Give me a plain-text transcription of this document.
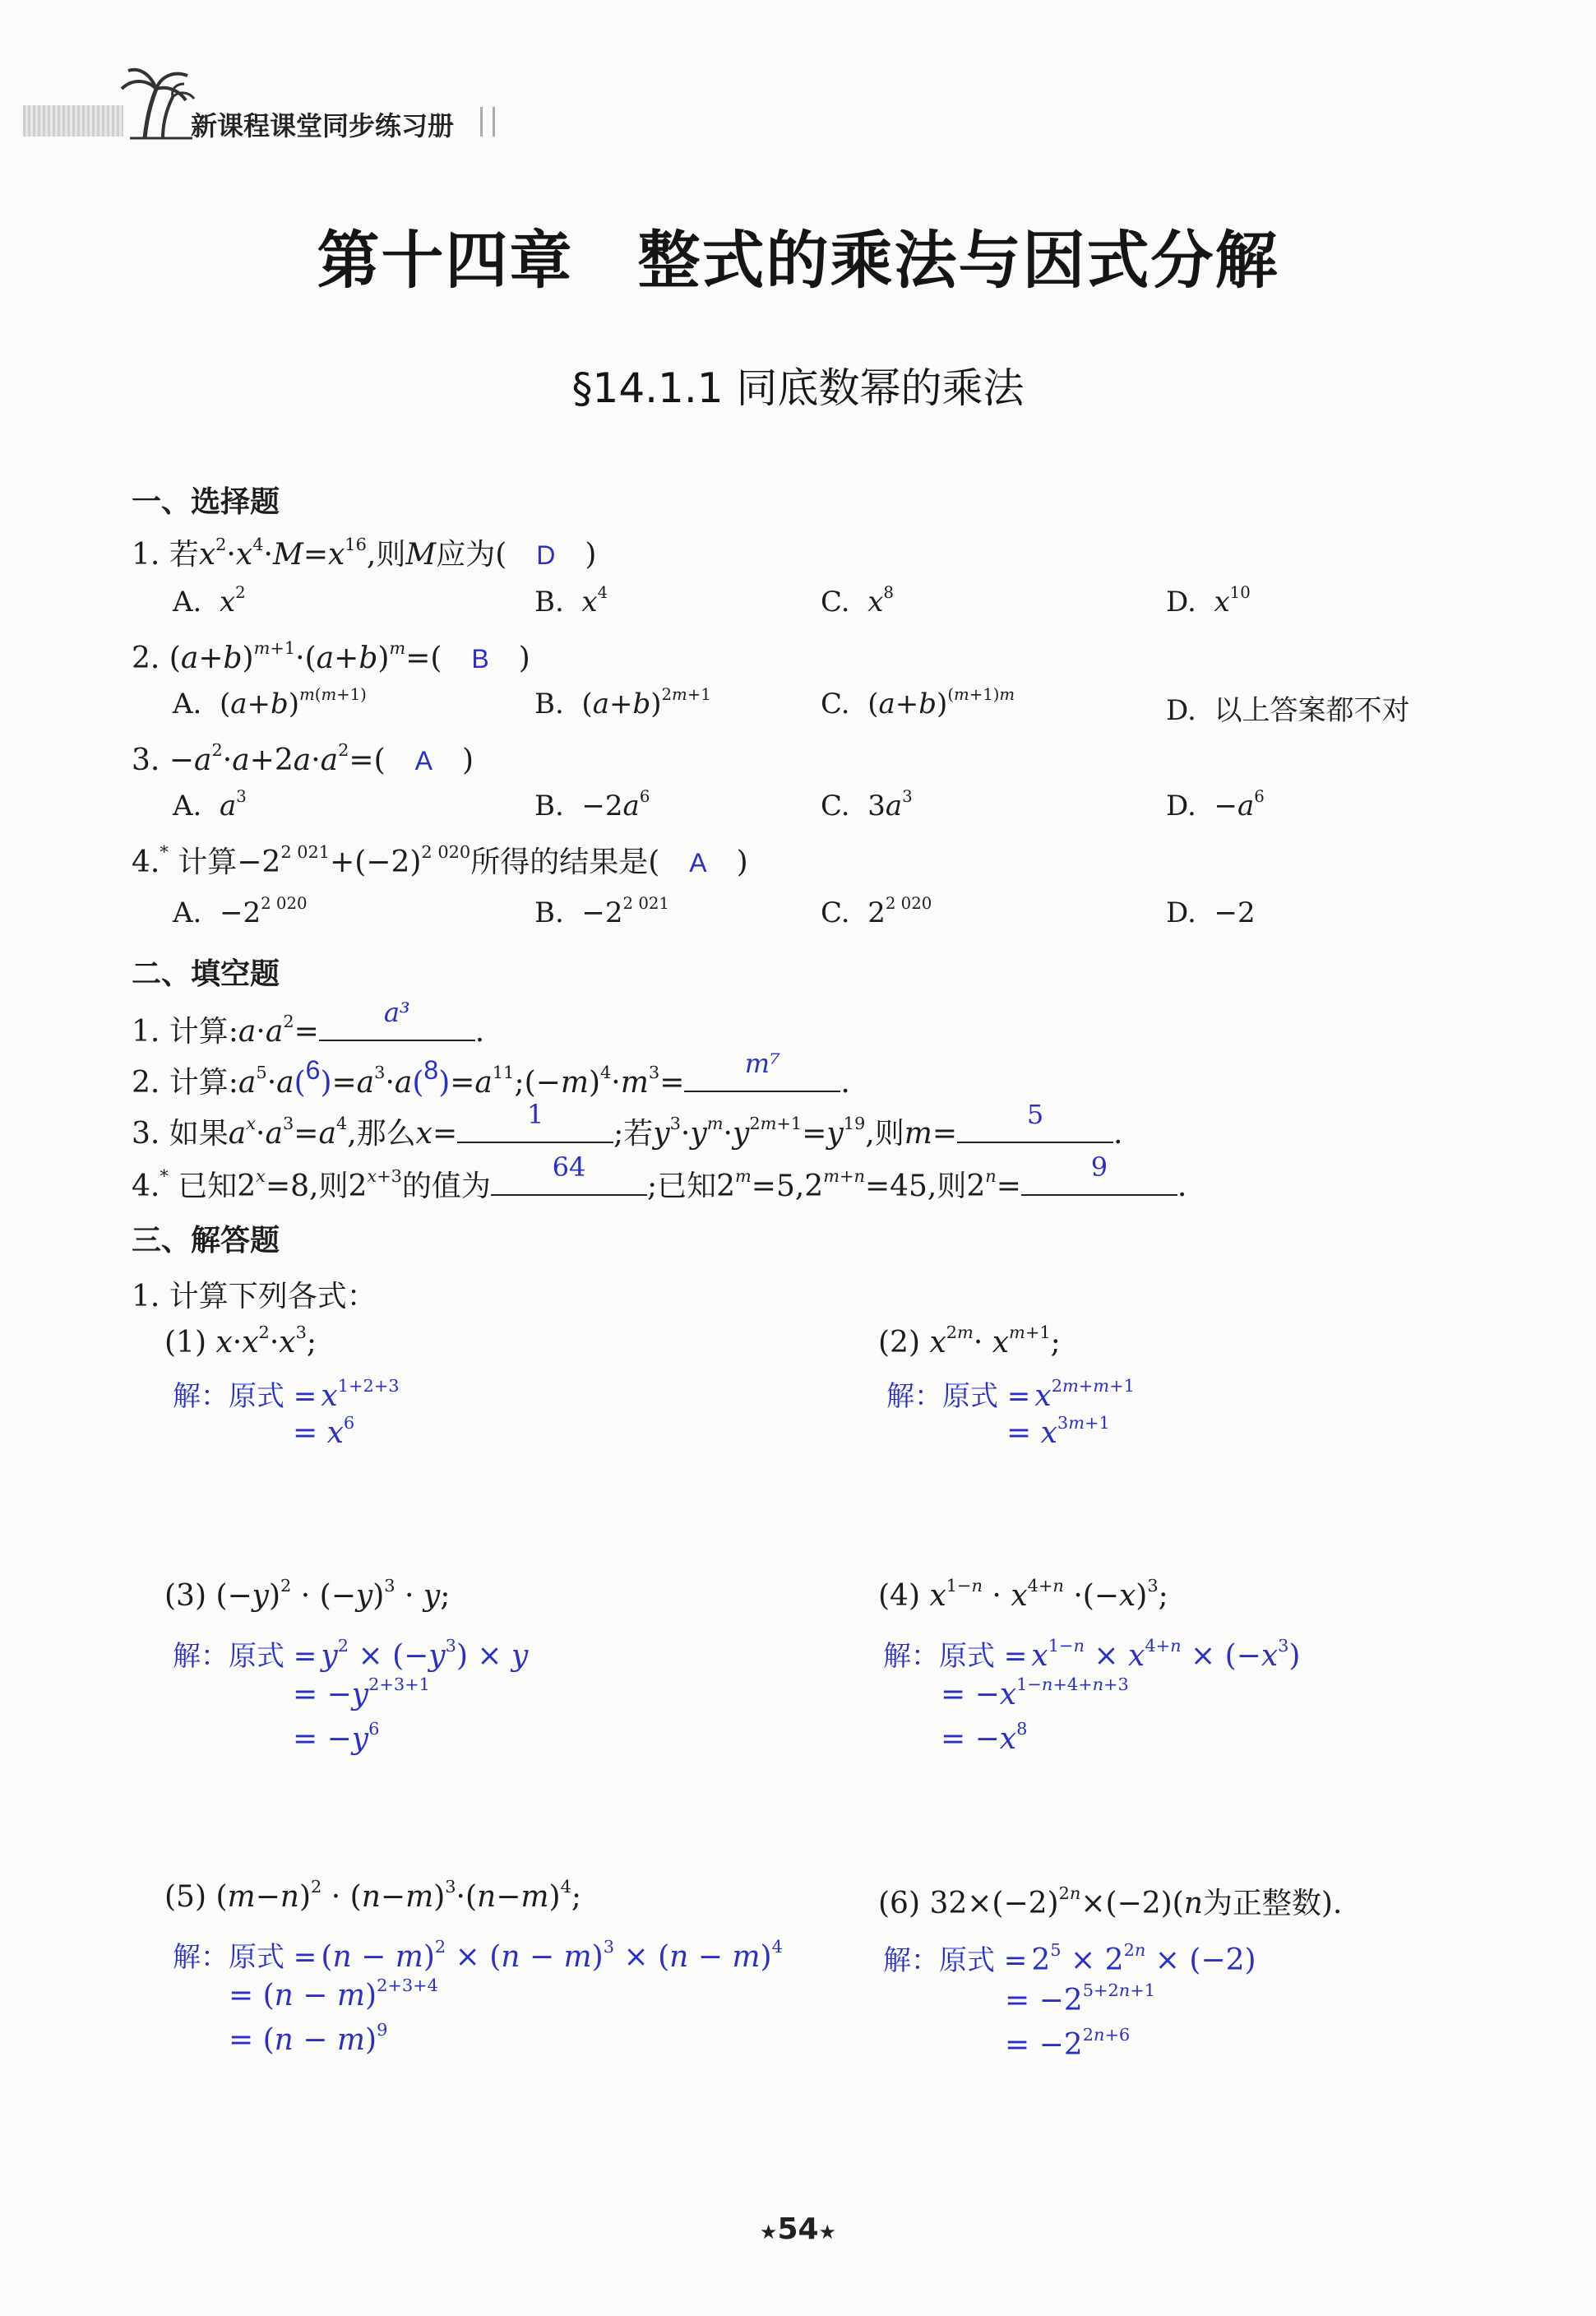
新课程课堂同步练习册
第十四章　整式的乘法与因式分解
§14.1.1 同底数幂的乘法
一、选择题
1. 若$x^2\cdot x^4\cdot M=x^{16}$,则M应为(　D　)
A.  $x^2$	B.  $x^4$	C.  $x^8$	D.  $x^{10}$
2. $(a+b)^{m+1}\cdot(a+b)^m=$(　B　)
A.  $(a+b)^{m(m+1)}$	B.  $(a+b)^{2m+1}$	C.  $(a+b)^{(m+1)m}$	D.  以上答案都不对
3. $-a^2\cdot a+2a\cdot a^2=$(　A　)
A.  $a^3$	B.  $-2a^6$	C.  $3a^3$	D.  $-a^6$
4.* 计算$-2^{2 021}+(-2)^{2 020}$所得的结果是(　 A　)
A.  $-2^{2 020}$	B.  $-2^{2 021}$	C.  $2^{2 020}$	D.  −2
二、填空题
1. 计算$:a\cdot a^2=$
a³
.
2. 计算$:a^5\cdot a(6)=a^3\cdot a(8)=a^{11};(-m)^4\cdot m^3=$
m⁷
.
3. 如果$a^x\cdot a^3=a^4$,那么x=
1
;若$y^3\cdot y^m\cdot y^{2m+1}=y^{19}$,则m=
5
.
4.* 已知$2^x=8$,则$2^{x+3}$的值为
64
;已知$2^m=5,2^{m+n}=45$,则$2^n=$
9
.
三、解答题
1. 计算下列各式：
(1) $x\cdot x^2\cdot x^3$;
解：原式 = $x^{1+2+3}$
= $x^6$
(2) $x^{2m}\cdot x^{m+1}$;
解：原式 = $x^{2m+m+1}$
= $x^{3m+1}$
(3) $(-y)^2 \cdot (-y)^3 \cdot y$;
解：原式 = $y^2 \times (-y^3) \times y$
= $-y^{2+3+1}$
= $-y^6$
(4) $x^{1-n} \cdot x^{4+n} \cdot(-x)^3$;
解：原式 = $x^{1-n} \times x^{4+n} \times (-x^3)$
= $-x^{1-n+4+n+3}$
= $-x^8$
(5) $(m-n)^2 \cdot (n-m)^3\cdot(n-m)^4$;
解：原式 = $(n - m)^2 \times (n - m)^3 \times (n - m)^4$
= $(n - m)^{2+3+4}$
= $(n - m)^9$
(6) $32\times(-2)^{2n}\times(-2)(n$为正整数).
解：原式 = $2^5 \times 2^{2n} \times (-2)$
= $-2^{5+2n+1}$
= $-2^{2n+6}$
★54★
